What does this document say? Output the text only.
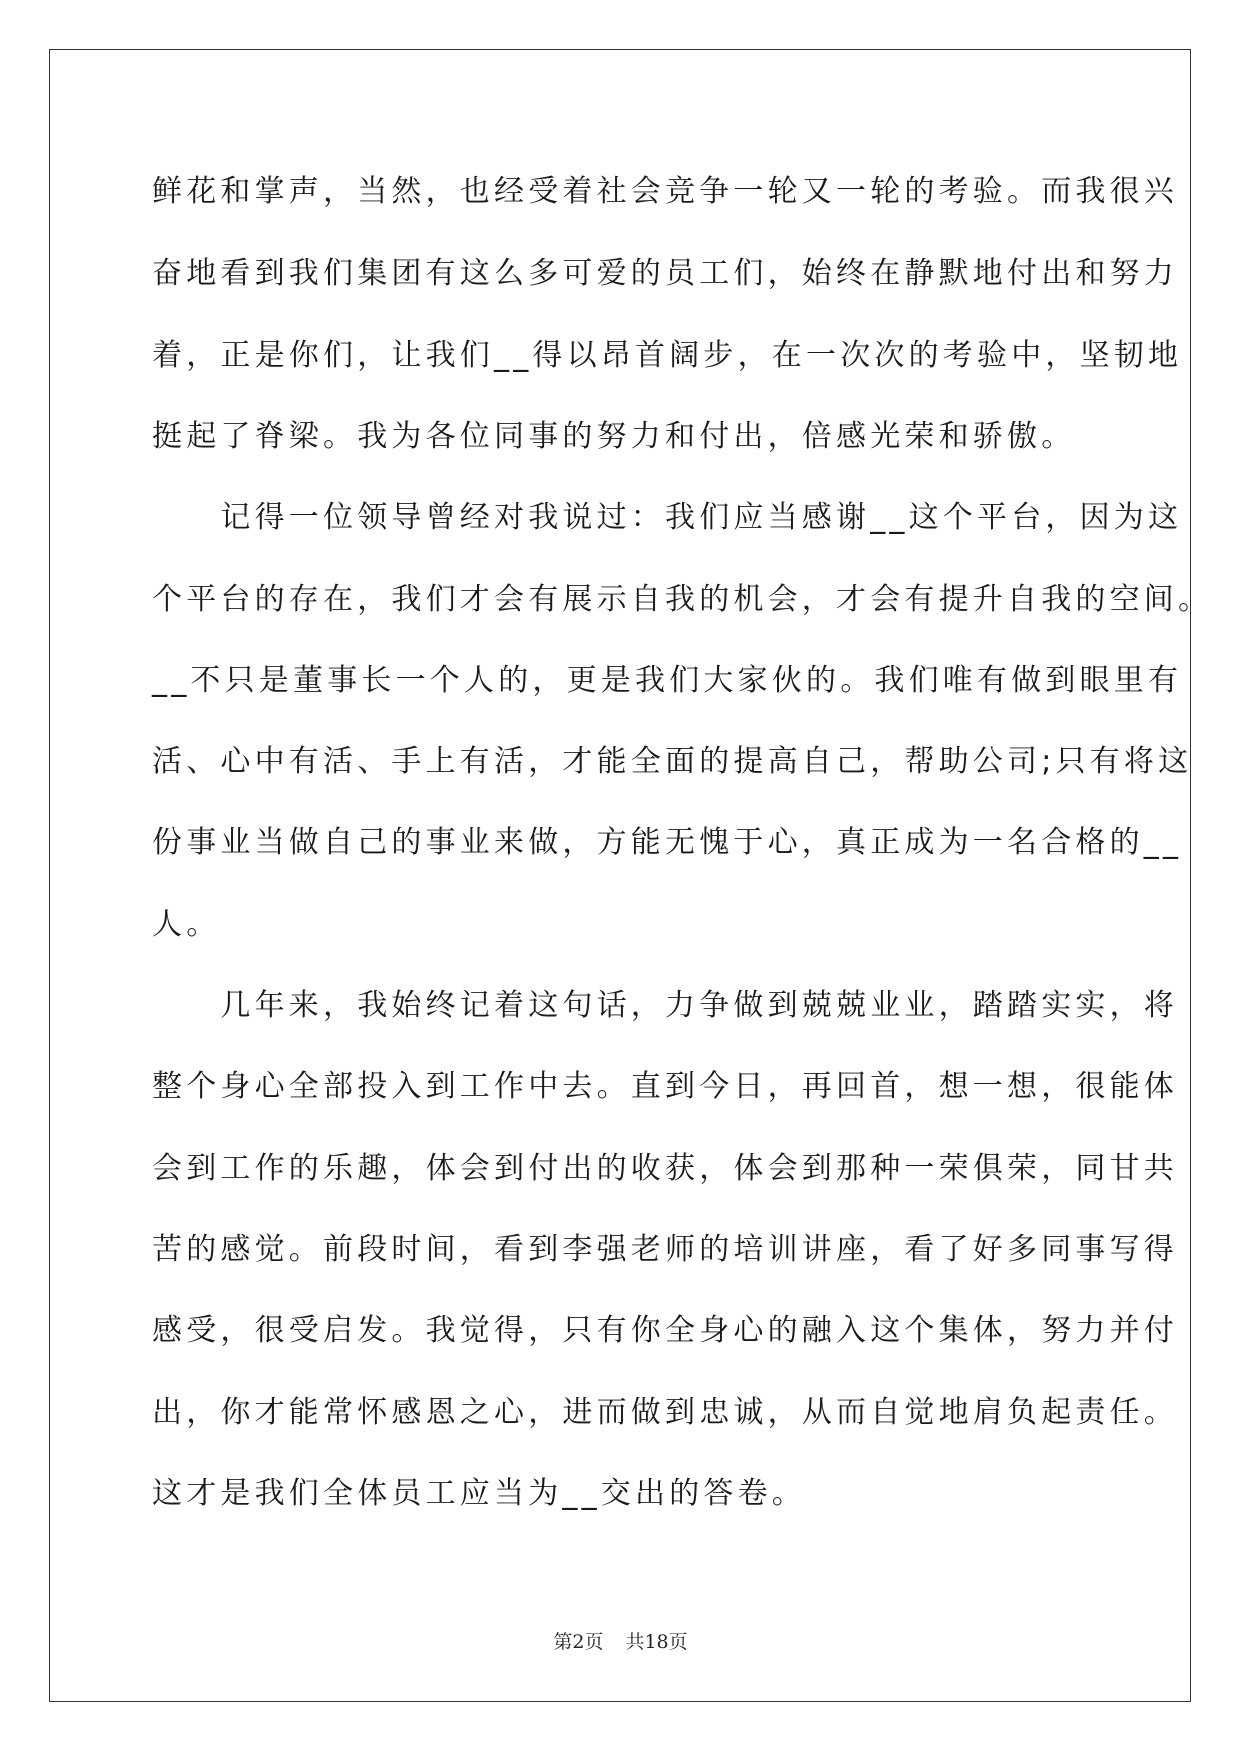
鲜花和掌声，当然，也经受着社会竞争一轮又一轮的考验。而我很兴

奋地看到我们集团有这么多可爱的员工们，始终在静默地付出和努力

着，正是你们，让我们__得以昂首阔步，在一次次的考验中，坚韧地

挺起了脊梁。我为各位同事的努力和付出，倍感光荣和骄傲。

　　记得一位领导曾经对我说过：我们应当感谢__这个平台，因为这

个平台的存在，我们才会有展示自我的机会，才会有提升自我的空间。

__不只是董事长一个人的，更是我们大家伙的。我们唯有做到眼里有

活、心中有活、手上有活，才能全面的提高自己，帮助公司;只有将这

份事业当做自己的事业来做，方能无愧于心，真正成为一名合格的__

人。

　　几年来，我始终记着这句话，力争做到兢兢业业，踏踏实实，将

整个身心全部投入到工作中去。直到今日，再回首，想一想，很能体

会到工作的乐趣，体会到付出的收获，体会到那种一荣俱荣，同甘共

苦的感觉。前段时间，看到李强老师的培训讲座，看了好多同事写得

感受，很受启发。我觉得，只有你全身心的融入这个集体，努力并付

出，你才能常怀感恩之心，进而做到忠诚，从而自觉地肩负起责任。

这才是我们全体员工应当为__交出的答卷。

第2页 共18页
